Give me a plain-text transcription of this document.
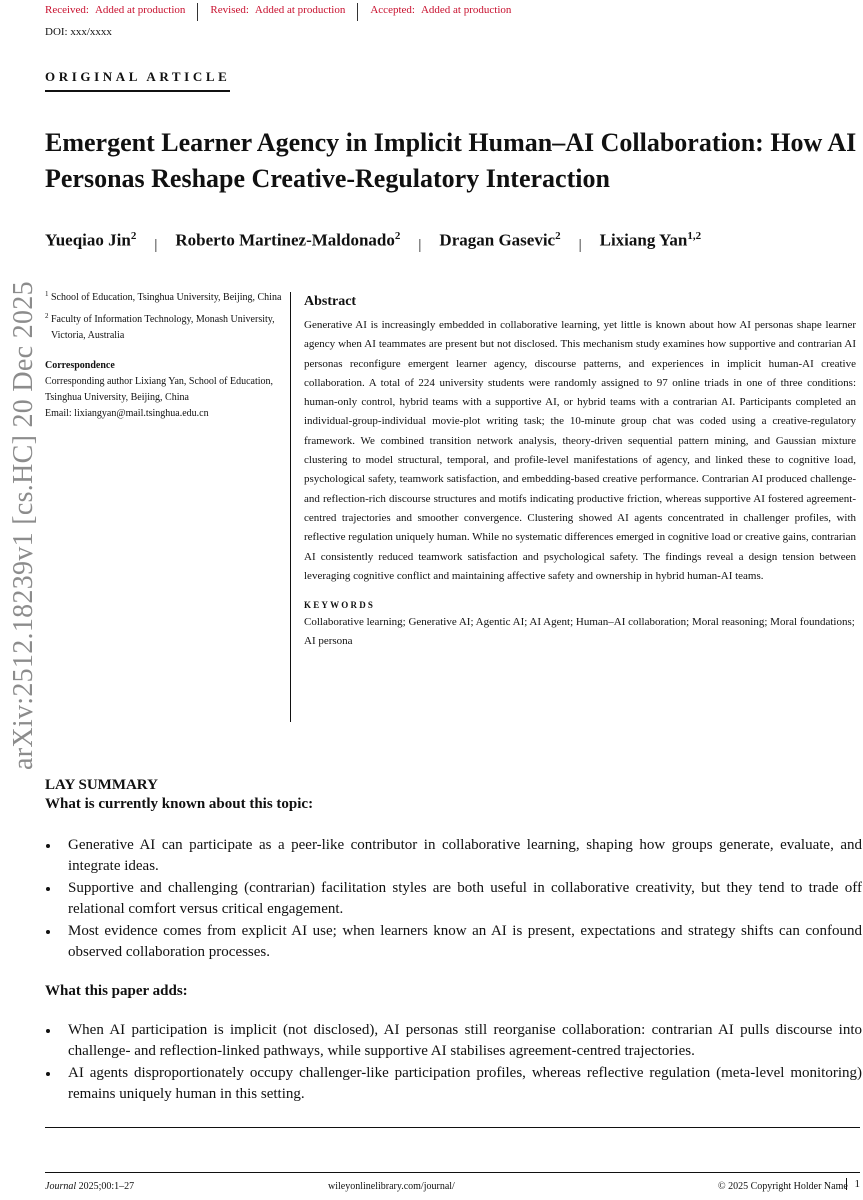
Received: Added at production	Revised: Added at production	Accepted: Added at production
DOI: xxx/xxxx
ORIGINAL ARTICLE
Emergent Learner Agency in Implicit Human–AI Collaboration: How AI Personas Reshape Creative-Regulatory Interaction
Yueqiao Jin$^2$
| Roberto Martinez-Maldonado$^2$
| Dragan Gasevic$^2$
| Lixiang Yan$^{1,2}$
arXiv:2512.18239v1 [cs.HC] 20 Dec 2025 1 School of Education, Tsinghua University, Beijing, China
2 Faculty of Information Technology, Monash University, Victoria, Australia
Correspondence
Corresponding author Lixiang Yan, School of Education, Tsinghua University, Beijing, China
Email: lixiangyan@mail.tsinghua.edu.cn
Abstract

Generative AI is increasingly embedded in collaborative learning, yet little is known about how AI personas shape learner agency when AI teammates are present but not disclosed. This mechanism study examines how supportive and contrarian AI personas reconfigure emergent learner agency, discourse patterns, and experiences in implicit human-AI creative collaboration. A total of 224 university students were randomly assigned to 97 online triads in one of three conditions: human-only control, hybrid teams with a supportive AI, or hybrid teams with a contrarian AI. Participants completed an individual-group-individual movie-plot writing task; the 10-minute group chat was coded using a creative-regulatory framework. We combined transition network analysis, theory-driven sequential pattern mining, and Gaussian mixture clustering to model structural, temporal, and profile-level manifestations of agency, and linked these to cognitive load, psychological safety, teamwork satisfaction, and embedding-based creative performance. Contrarian AI produced challenge- and reflection-rich discourse structures and motifs indicating productive friction, whereas supportive AI fostered agreement-centred trajectories and smoother convergence. Clustering showed AI agents concentrated in challenger profiles, with reflective regulation uniquely human. While no systematic differences emerged in cognitive load or creative gains, contrarian AI consistently reduced teamwork satisfaction and psychological safety. The findings reveal a design tension between leveraging cognitive conflict and maintaining affective safety and ownership in hybrid human-AI teams.

KEYWORDS
Collaborative learning; Generative AI; Agentic AI; AI Agent; Human–AI collaboration; Moral reasoning; Moral foundations; AI persona
LAY SUMMARY
What is currently known about this topic:
Generative AI can participate as a peer-like contributor in collaborative learning, shaping how groups generate, evaluate, and integrate ideas.
Supportive and challenging (contrarian) facilitation styles are both useful in collaborative creativity, but they tend to trade off relational comfort versus critical engagement.
Most evidence comes from explicit AI use; when learners know an AI is present, expectations and strategy shifts can confound observed collaboration processes.
What this paper adds:
When AI participation is implicit (not disclosed), AI personas still reorganise collaboration: contrarian AI pulls discourse into challenge- and reflection-linked pathways, while supportive AI stabilises agreement-centred trajectories.
AI agents disproportionately occupy challenger-like participation profiles, whereas reflective regulation (meta-level monitoring) remains uniquely human in this setting.
Journal 2025;00:1–27	wileyonlinelibrary.com/journal/	© 2025 Copyright Holder Name 1
